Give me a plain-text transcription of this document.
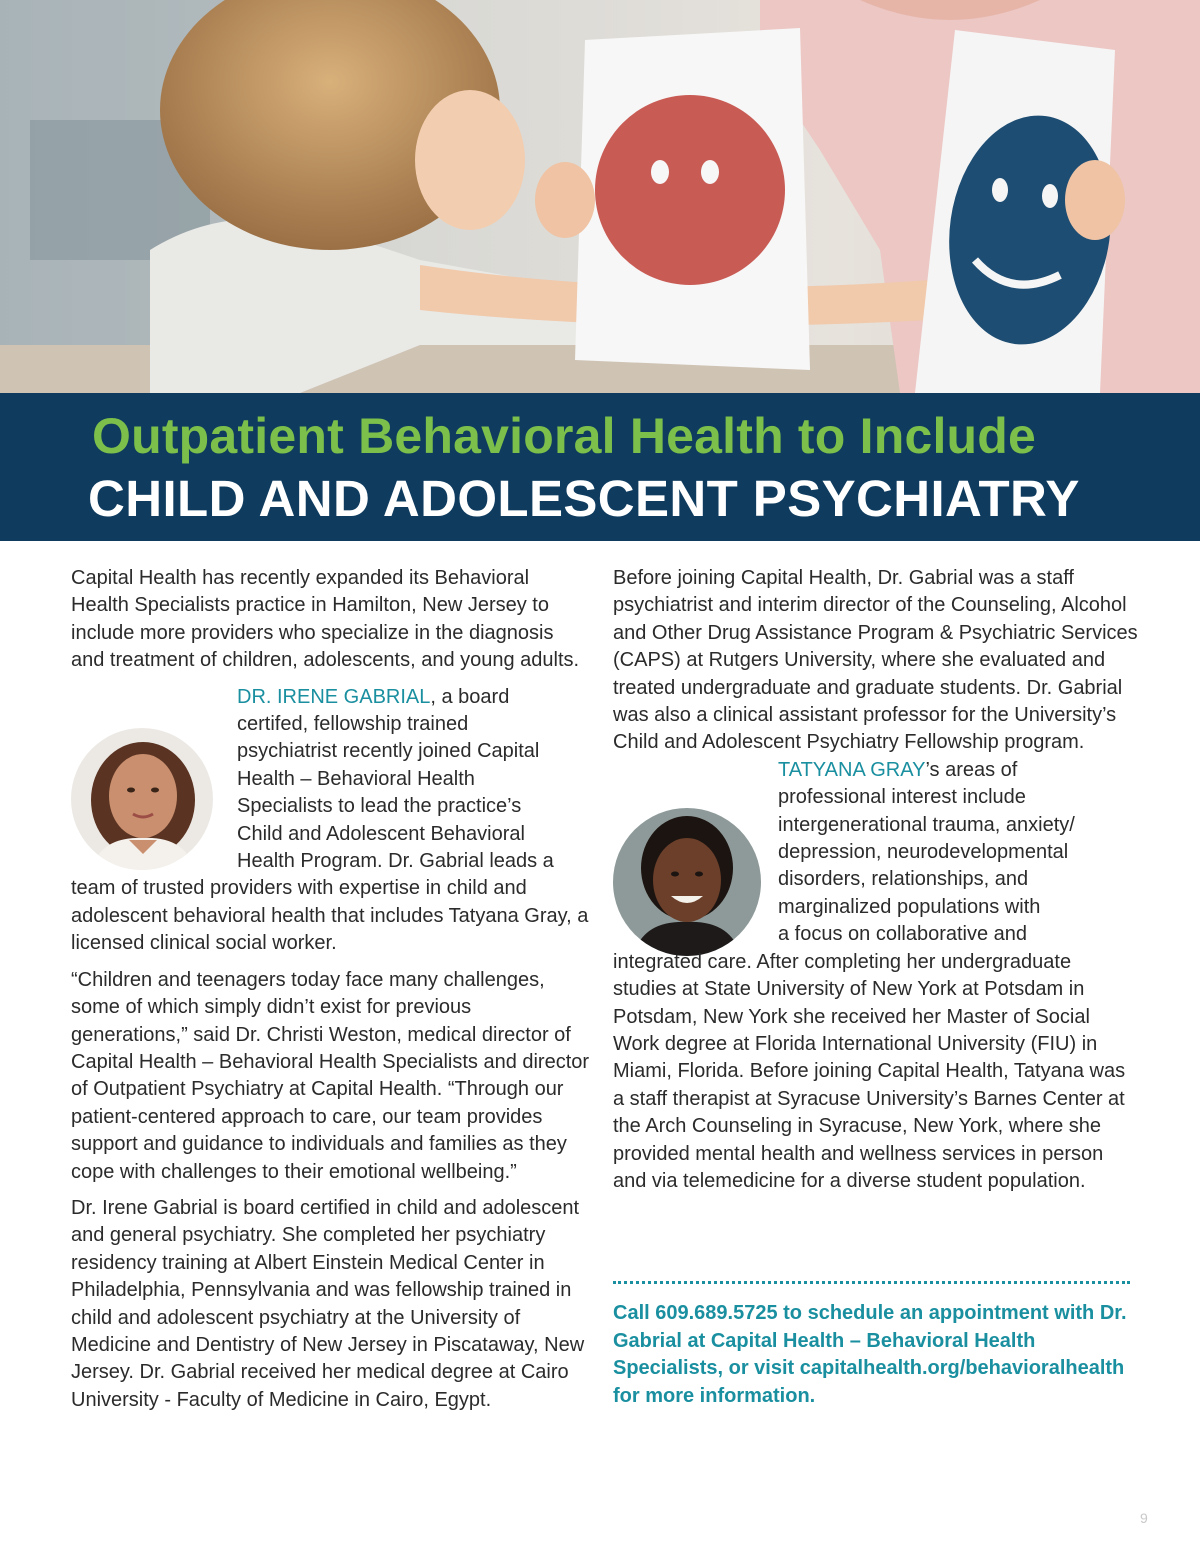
Outpatient Behavioral Health to Include
CHILD AND ADOLESCENT PSYCHIATRY

Capital Health has recently expanded its Behavioral Health Specialists practice in Hamilton, New Jersey to include more providers who specialize in the diagnosis and treatment of children, adolescents, and young adults.

DR. IRENE GABRIAL, a board
certifed, fellowship trained
psychiatrist recently joined Capital
Health – Behavioral Health
Specialists to lead the practice’s
Child and Adolescent Behavioral
Health Program. Dr. Gabrial leads a

team of trusted providers with expertise in child and adolescent behavioral health that includes Tatyana Gray, a licensed clinical social worker.

“Children and teenagers today face many challenges, some of which simply didn’t exist for previous generations,” said Dr. Christi Weston, medical director of Capital Health – Behavioral Health Specialists and director of Outpatient Psychiatry at Capital Health. “Through our patient-centered approach to care, our team provides support and guidance to individuals and families as they cope with challenges to their emotional wellbeing.”

Dr. Irene Gabrial is board certified in child and adolescent and general psychiatry. She completed her psychiatry residency training at Albert Einstein Medical Center in Philadelphia, Pennsylvania and was fellowship trained in child and adolescent psychiatry at the University of Medicine and Dentistry of New Jersey in Piscataway, New Jersey. Dr. Gabrial received her medical degree at Cairo University - Faculty of Medicine in Cairo, Egypt.

Before joining Capital Health, Dr. Gabrial was a staff psychiatrist and interim director of the Counseling, Alcohol and Other Drug Assistance Program & Psychiatric Services (CAPS) at Rutgers University, where she evaluated and treated undergraduate and graduate students. Dr. Gabrial was also a clinical assistant professor for the University’s Child and Adolescent Psychiatry Fellowship program.

TATYANA GRAY’s areas of
professional interest include
intergenerational trauma, anxiety/
depression, neurodevelopmental
disorders, relationships, and
marginalized populations with
a focus on collaborative and

integrated care. After completing her undergraduate studies at State University of New York at Potsdam in Potsdam, New York she received her Master of Social Work degree at Florida International University (FIU) in Miami, Florida. Before joining Capital Health, Tatyana was a staff therapist at Syracuse University’s Barnes Center at the Arch Counseling in Syracuse, New York, where she provided mental health and wellness services in person and via telemedicine for a diverse student population.

Call 609.689.5725 to schedule an appointment with Dr. Gabrial at Capital Health – Behavioral Health Specialists, or visit capitalhealth.org/behavioralhealth for more information.
9
